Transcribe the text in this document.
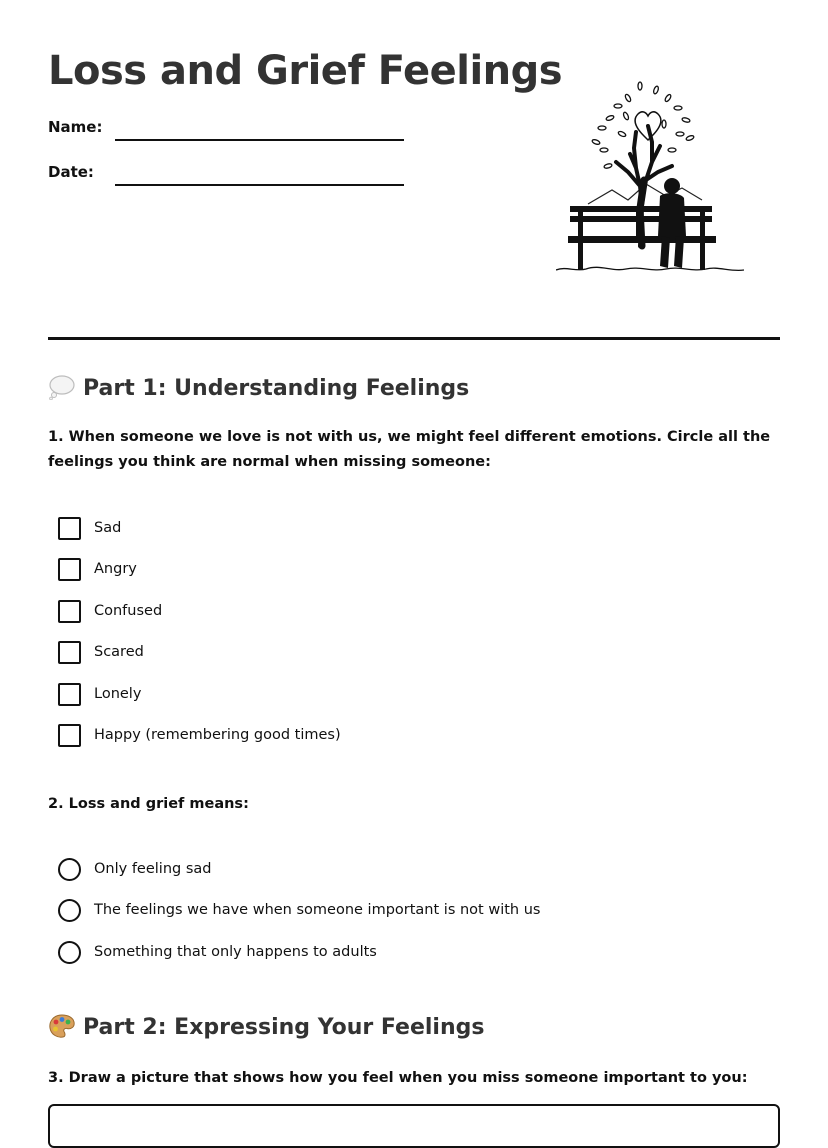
Loss and Grief Feelings
Name:
Date:
Part 1: Understanding Feelings

1. When someone we love is not with us, we might feel different emotions. Circle all the feelings you think are normal when missing someone:

Sad
Angry
Confused
Scared
Lonely
Happy (remembering good times)

2. Loss and grief means:

Only feeling sad
The feelings we have when someone important is not with us
Something that only happens to adults
Part 2: Expressing Your Feelings

3. Draw a picture that shows how you feel when you miss someone important to you:
